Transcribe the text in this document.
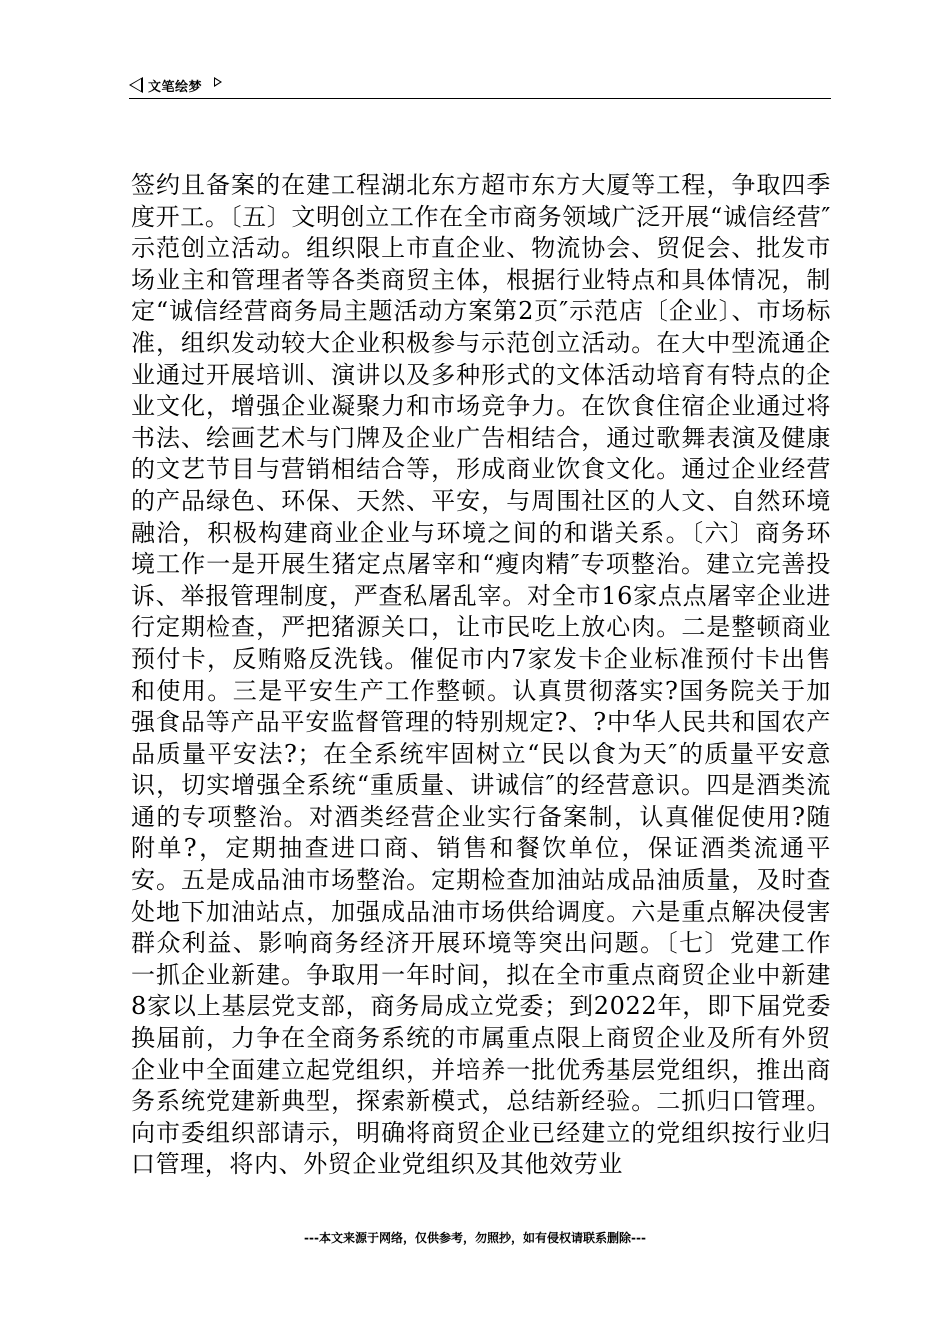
文笔绘梦

签约且备案的在建工程湖北东方超市东方大厦等工程，争取四季度开工。〔五〕文明创立工作在全市商务领域广泛开展“诚信经营″示范创立活动。组织限上市直企业、物流协会、贸促会、批发市场业主和管理者等各类商贸主体，根据行业特点和具体情况，制定“诚信经营商务局主题活动方案第2页″示范店〔企业〕、市场标准，组织发动较大企业积极参与示范创立活动。在大中型流通企业通过开展培训、演讲以及多种形式的文体活动培育有特点的企业文化，增强企业凝聚力和市场竞争力。在饮食住宿企业通过将书法、绘画艺术与门牌及企业广告相结合，通过歌舞表演及健康的文艺节目与营销相结合等，形成商业饮食文化。通过企业经营的产品绿色、环保、天然、平安，与周围社区的人文、自然环境融洽，积极构建商业企业与环境之间的和谐关系。〔六〕商务环境工作一是开展生猪定点屠宰和“瘦肉精″专项整治。建立完善投诉、举报管理制度，严查私屠乱宰。对全市16家点点屠宰企业进行定期检查，严把猪源关口，让市民吃上放心肉。二是整顿商业预付卡，反贿赂反洗钱。催促市内7家发卡企业标准预付卡出售和使用。三是平安生产工作整顿。认真贯彻落实?国务院关于加强食品等产品平安监督管理的特别规定?、?中华人民共和国农产品质量平安法?；在全系统牢固树立“民以食为天″的质量平安意识，切实增强全系统“重质量、讲诚信″的经营意识。四是酒类流通的专项整治。对酒类经营企业实行备案制，认真催促使用?随附单?，定期抽查进口商、销售和餐饮单位，保证酒类流通平安。五是成品油市场整治。定期检查加油站成品油质量，及时查处地下加油站点，加强成品油市场供给调度。六是重点解决侵害群众利益、影响商务经济开展环境等突出问题。〔七〕党建工作一抓企业新建。争取用一年时间，拟在全市重点商贸企业中新建8家以上基层党支部，商务局成立党委；到2022年，即下届党委换届前，力争在全商务系统的市属重点限上商贸企业及所有外贸企业中全面建立起党组织，并培养一批优秀基层党组织，推出商务系统党建新典型，探索新模式，总结新经验。二抓归口管理。向市委组织部请示，明确将商贸企业已经建立的党组织按行业归口管理，将内、外贸企业党组织及其他效劳业

---本文来源于网络，仅供参考，勿照抄，如有侵权请联系删除---
